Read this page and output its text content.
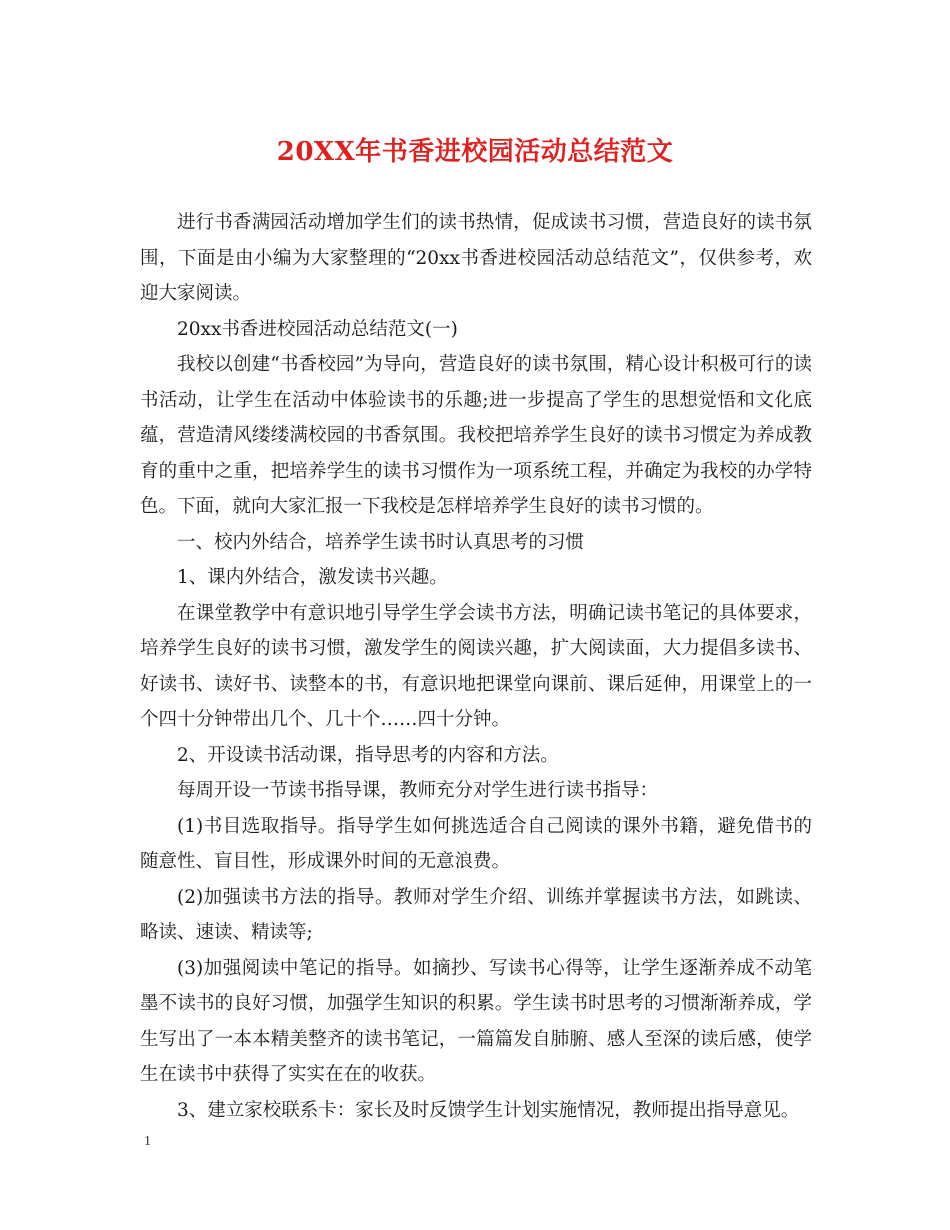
20XX年书香进校园活动总结范文

进行书香满园活动增加学生们的读书热情，促成读书习惯，营造良好的读书氛围，下面是由小编为大家整理的“20xx书香进校园活动总结范文”，仅供参考，欢迎大家阅读。

20xx书香进校园活动总结范文(一)

我校以创建“书香校园”为导向，营造良好的读书氛围，精心设计积极可行的读书活动，让学生在活动中体验读书的乐趣;进一步提高了学生的思想觉悟和文化底蕴，营造清风缕缕满校园的书香氛围。我校把培养学生良好的读书习惯定为养成教育的重中之重，把培养学生的读书习惯作为一项系统工程，并确定为我校的办学特色。下面，就向大家汇报一下我校是怎样培养学生良好的读书习惯的。

一、校内外结合，培养学生读书时认真思考的习惯

1、课内外结合，激发读书兴趣。

在课堂教学中有意识地引导学生学会读书方法，明确记读书笔记的具体要求，培养学生良好的读书习惯，激发学生的阅读兴趣，扩大阅读面，大力提倡多读书、好读书、读好书、读整本的书，有意识地把课堂向课前、课后延伸，用课堂上的一个四十分钟带出几个、几十个……四十分钟。

2、开设读书活动课，指导思考的内容和方法。

每周开设一节读书指导课，教师充分对学生进行读书指导：

(1)书目选取指导。指导学生如何挑选适合自己阅读的课外书籍，避免借书的随意性、盲目性，形成课外时间的无意浪费。

(2)加强读书方法的指导。教师对学生介绍、训练并掌握读书方法，如跳读、略读、速读、精读等;

(3)加强阅读中笔记的指导。如摘抄、写读书心得等，让学生逐渐养成不动笔墨不读书的良好习惯，加强学生知识的积累。学生读书时思考的习惯渐渐养成，学生写出了一本本精美整齐的读书笔记，一篇篇发自肺腑、感人至深的读后感，使学生在读书中获得了实实在在的收获。

3、建立家校联系卡：家长及时反馈学生计划实施情况，教师提出指导意见。

1
